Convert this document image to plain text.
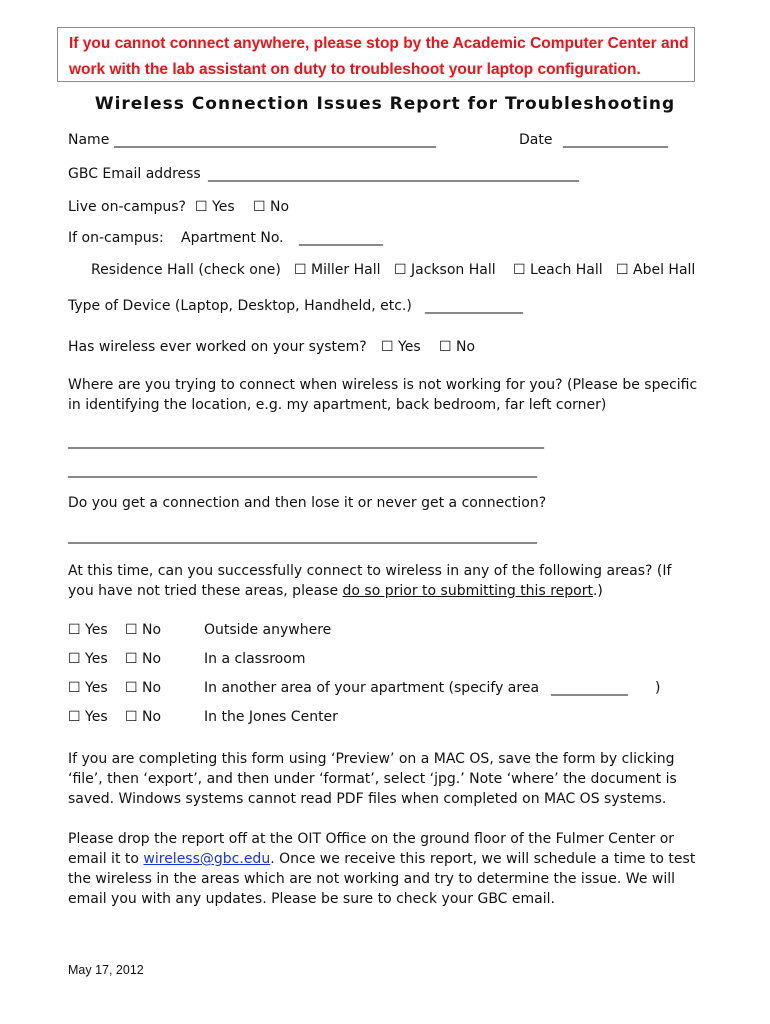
If you cannot connect anywhere, please stop by the Academic Computer Center and
work with the lab assistant on duty to troubleshoot your laptop configuration.
Wireless Connection Issues Report for Troubleshooting
Name ______________________________________________	Date _______________
GBC Email address _____________________________________________________
Live on-campus? ☐ Yes ☐ No
If on-campus: Apartment No. ____________
Residence Hall (check one) ☐ Miller Hall ☐ Jackson Hall ☐ Leach Hall ☐ Abel Hall
Type of Device (Laptop, Desktop, Handheld, etc.) ______________
Has wireless ever worked on your system? ☐ Yes ☐ No
Where are you trying to connect when wireless is not working for you? (Please be specific
in identifying the location, e.g. my apartment, back bedroom, far left corner)
____________________________________________________________________
___________________________________________________________________
Do you get a connection and then lose it or never get a connection?
___________________________________________________________________
At this time, can you successfully connect to wireless in any of the following areas? (If
you have not tried these areas, please do so prior to submitting this report.)
☐ Yes ☐ No	Outside anywhere
☐ Yes ☐ No	In a classroom
☐ Yes ☐ No	In another area of your apartment (specify area ___________ )
☐ Yes ☐ No	In the Jones Center
If you are completing this form using ‘Preview’ on a MAC OS, save the form by clicking
‘file’, then ‘export’, and then under ‘format’, select ‘jpg.’ Note ‘where’ the document is
saved. Windows systems cannot read PDF files when completed on MAC OS systems.
Please drop the report off at the OIT Office on the ground floor of the Fulmer Center or
email it to wireless@gbc.edu. Once we receive this report, we will schedule a time to test
the wireless in the areas which are not working and try to determine the issue. We will
email you with any updates. Please be sure to check your GBC email.
May 17, 2012
